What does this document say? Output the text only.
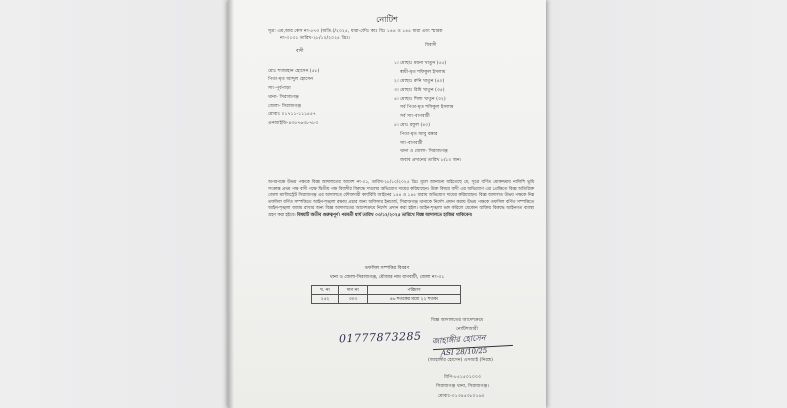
নোটিশ
সূত্র: এম,আর কেস নং-৫৭৩ (অতি.)/২০২৫, ধারা-ফৌঃ কাঃ বিঃ ১৪৪ ও ১৪৫ ধারা এবং স্মারক
নং-৩১৩১ তারিখ-২৮/১০/২০২৫ খ্রিঃ।
বাদী
বিবাদী
মোঃ শাজাহান হোসেন (৫৮)
পিতা-মৃত আব্দুল হোসেন
সাং-পূর্বপাড়া
থানা- সিরাজগঞ্জ
জেলা- সিরাজগঞ্জ
মোবাঃ ০১৭১১-১১১৫৫৭
এনআইডি-৪৩৫৭৬৩৮৭৮৩
১। মোছাঃ ময়না খাতুন (৫৫)
স্বামী-মৃত শফিকুল ইসলাম
২। মোছাঃ রুনি খাতুন (৪০)
৩। মোছাঃ রিমি খাতুন (৩৫)
৪। মোছাঃ শিলা খাতুন (৩২)
সর্ব পিতা-মৃত শফিকুল ইসলাম
সর্ব সাং-বাগবাটী
৫। মোঃ রফুল (৪০)
পিতা-মৃত আবু বক্কার
সাং-বাগবাটী
থানা ও জেলা- সিরাজগঞ্জ
জবাব প্রদানের তারিখ ৮/১০ জন।
অপরপক্ষে উভয় পক্ষকে বিজ্ঞ আদালতের আদেশ নং-০১, তারিখ-২৮/১০/২০২৫ খ্রিঃ মূলে জানানো যাইতেছে যে, সূত্রে বর্ণিত মোকদ্দমায় নালিশি ভূমি সংক্রান্ত প্রথম পক্ষ বাদী পক্ষে দ্বিতীয় পক্ষ বিবাদীর বিরুদ্ধে দখলের অভিযোগ দায়ের করিয়াছেন। উক্ত বিষয়ে বাদী এর অভিযোগ এর প্রেক্ষিতে বিজ্ঞ অতিরিক্ত জেলা ম্যাজিস্ট্রেট সিরাজগঞ্জ এর আদালতে ফৌজদারী কার্যবিধি আইনের ১৪৪ ও ১৪৫ ধারায় অভিযোগ দায়ের করিয়াছেন। বিজ্ঞ আদালত উভয় পক্ষকে নিম্ন তফসিল বর্ণিত সম্পত্তিতে আইন-শৃঙ্খলা রক্ষায় প্রচার জন্য অফিসার ইনচার্জ, সিরাজগঞ্জ থানাকে নির্দেশ প্রদান করায় উভয় পক্ষকে তফসিল বর্ণিত সম্পত্তিতে আইন-শৃঙ্খলা বজায় রাখার জন্য বিজ্ঞ আদালতের আদেশক্রমে নির্দেশ প্রদান করা হইল। আইন-শৃঙ্খলা ভঙ্গ করিলে যেকোন ব্যক্তির বিরুদ্ধে আইনগত ব্যবস্থা গ্রহণ করা হইবে। বিষয়টি অতীব গুরুত্বপূর্ণ। পরবর্তী ধার্য তারিখ ০৩/১২/২০২৫ তারিখে বিজ্ঞ আদালতে হাজির থাকিবেন।
তফসিল সম্পত্তির বিবরণ
থানা ও জেলা-সিরাজগঞ্জ, মৌজার নাম বাগবাটী, জেলা নং-৩১
খ. নং	দাগ নং	পরিমাণ
২৫২	৩০৩	৪৬ শতকের মধ্যে ২২ শতক।
বিজ্ঞ আদালতের আদেশক্রমে
নোটিশজারী
01777873285 জাহাঙ্গীর হোসেন
ASI 28/10/25
(জাহাঙ্গীর হোসেন) এসআই (নিরস্ত্র)
বিপি-৮৫১৫০১০০৩
সিরাজগঞ্জ থানা, সিরাজগঞ্জ।
মোবাঃ-০১৩৪৫৩৮০১৬০
